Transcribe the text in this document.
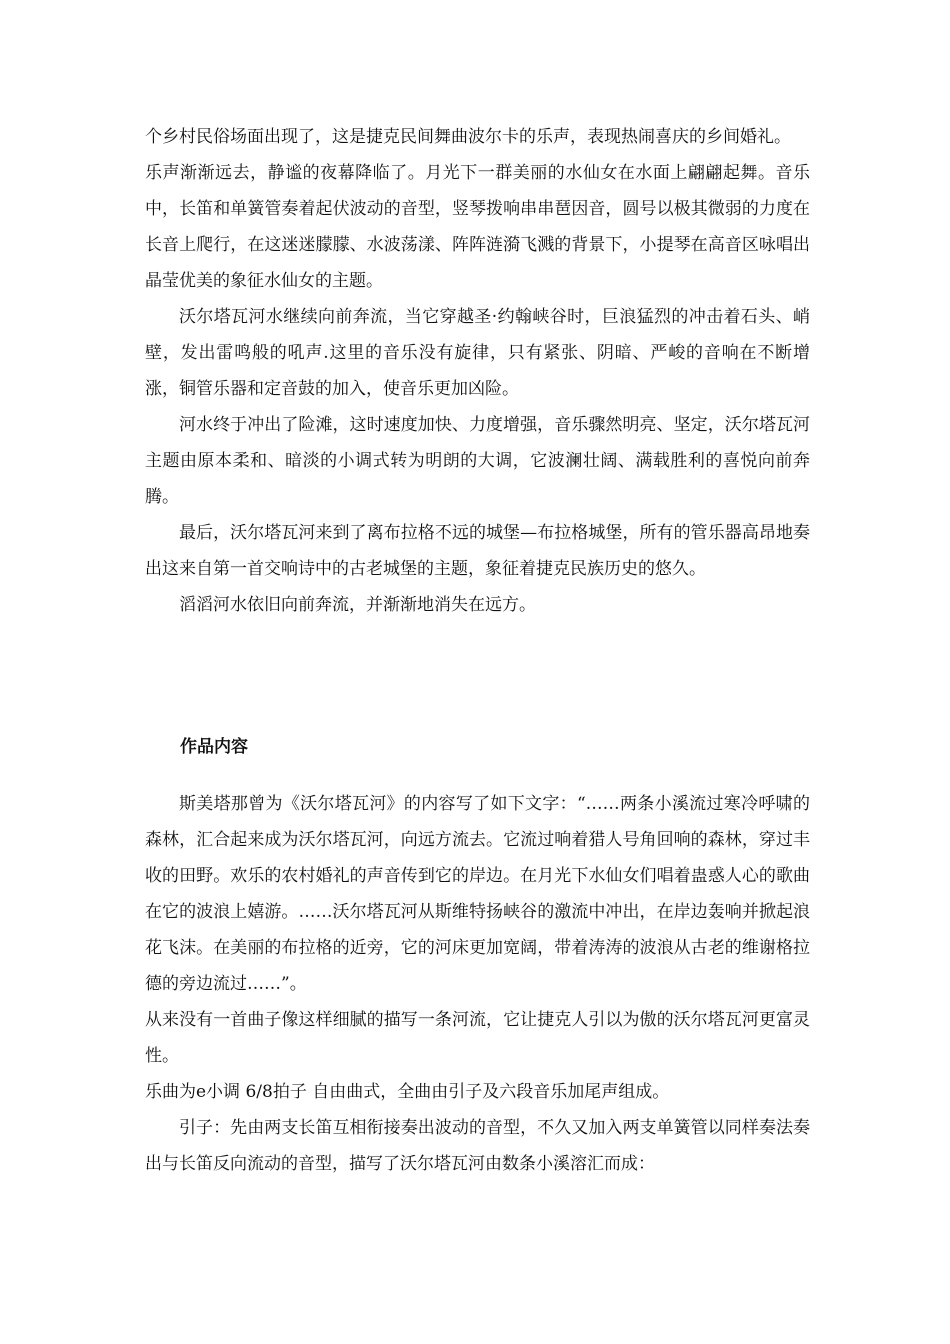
个乡村民俗场面出现了，这是捷克民间舞曲波尔卡的乐声，表现热闹喜庆的乡间婚礼。

乐声渐渐远去，静谧的夜幕降临了。月光下一群美丽的水仙女在水面上翩翩起舞。音乐中，长笛和单簧管奏着起伏波动的音型，竖琴拨响串串琶因音，圆号以极其微弱的力度在长音上爬行，在这迷迷朦朦、水波荡漾、阵阵涟漪飞溅的背景下，小提琴在高音区咏唱出晶莹优美的象征水仙女的主题。

沃尔塔瓦河水继续向前奔流，当它穿越圣·约翰峡谷时，巨浪猛烈的冲击着石头、峭壁，发出雷鸣般的吼声.这里的音乐没有旋律，只有紧张、阴暗、严峻的音响在不断增涨，铜管乐器和定音鼓的加入，使音乐更加凶险。

河水终于冲出了险滩，这时速度加快、力度增强，音乐骤然明亮、坚定，沃尔塔瓦河主题由原本柔和、暗淡的小调式转为明朗的大调，它波澜壮阔、满载胜利的喜悦向前奔腾。

最后，沃尔塔瓦河来到了离布拉格不远的城堡—布拉格城堡，所有的管乐器高昂地奏出这来自第一首交响诗中的古老城堡的主题，象征着捷克民族历史的悠久。

滔滔河水依旧向前奔流，并渐渐地消失在远方。

作品内容

斯美塔那曾为《沃尔塔瓦河》的内容写了如下文字：“……两条小溪流过寒冷呼啸的森林，汇合起来成为沃尔塔瓦河，向远方流去。它流过响着猎人号角回响的森林，穿过丰收的田野。欢乐的农村婚礼的声音传到它的岸边。在月光下水仙女们唱着蛊惑人心的歌曲在它的波浪上嬉游。……沃尔塔瓦河从斯维特扬峡谷的激流中冲出，在岸边轰响并掀起浪花飞沫。在美丽的布拉格的近旁，它的河床更加宽阔，带着涛涛的波浪从古老的维谢格拉德的旁边流过……”。

从来没有一首曲子像这样细腻的描写一条河流，它让捷克人引以为傲的沃尔塔瓦河更富灵性。

乐曲为e小调 6/8拍子 自由曲式，全曲由引子及六段音乐加尾声组成。

引子：先由两支长笛互相衔接奏出波动的音型，不久又加入两支单簧管以同样奏法奏出与长笛反向流动的音型，描写了沃尔塔瓦河由数条小溪溶汇而成：
